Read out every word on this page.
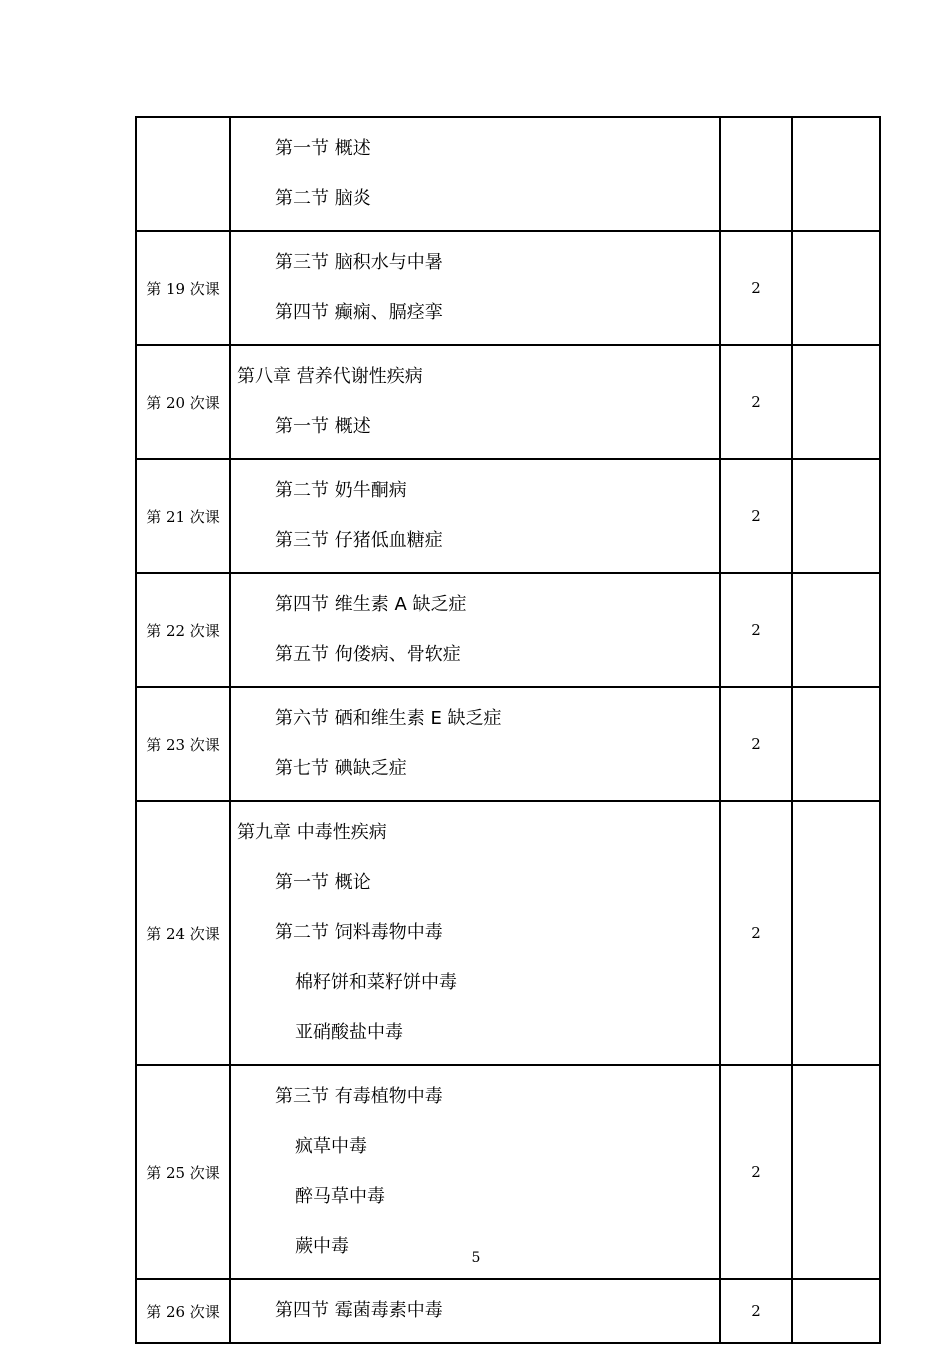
	第一节 概述
第二节 脑炎		

第 19 次课	第三节 脑积水与中暑
第四节 癫痫、膈痉挛	2	
第 20 次课	第八章 营养代谢性疾病
第一节 概述	2	
第 21 次课	第二节 奶牛酮病
第三节 仔猪低血糖症	2	
第 22 次课	第四节 维生素 A 缺乏症
第五节 佝偻病、骨软症	2	
第 23 次课	第六节 硒和维生素 E 缺乏症
第七节 碘缺乏症	2	
第 24 次课	第九章 中毒性疾病
第一节 概论
第二节 饲料毒物中毒
棉籽饼和菜籽饼中毒
亚硝酸盐中毒	2	
第 25 次课	第三节 有毒植物中毒
疯草中毒
醉马草中毒
蕨中毒	2	
第 26 次课	第四节 霉菌毒素中毒	2	
5
